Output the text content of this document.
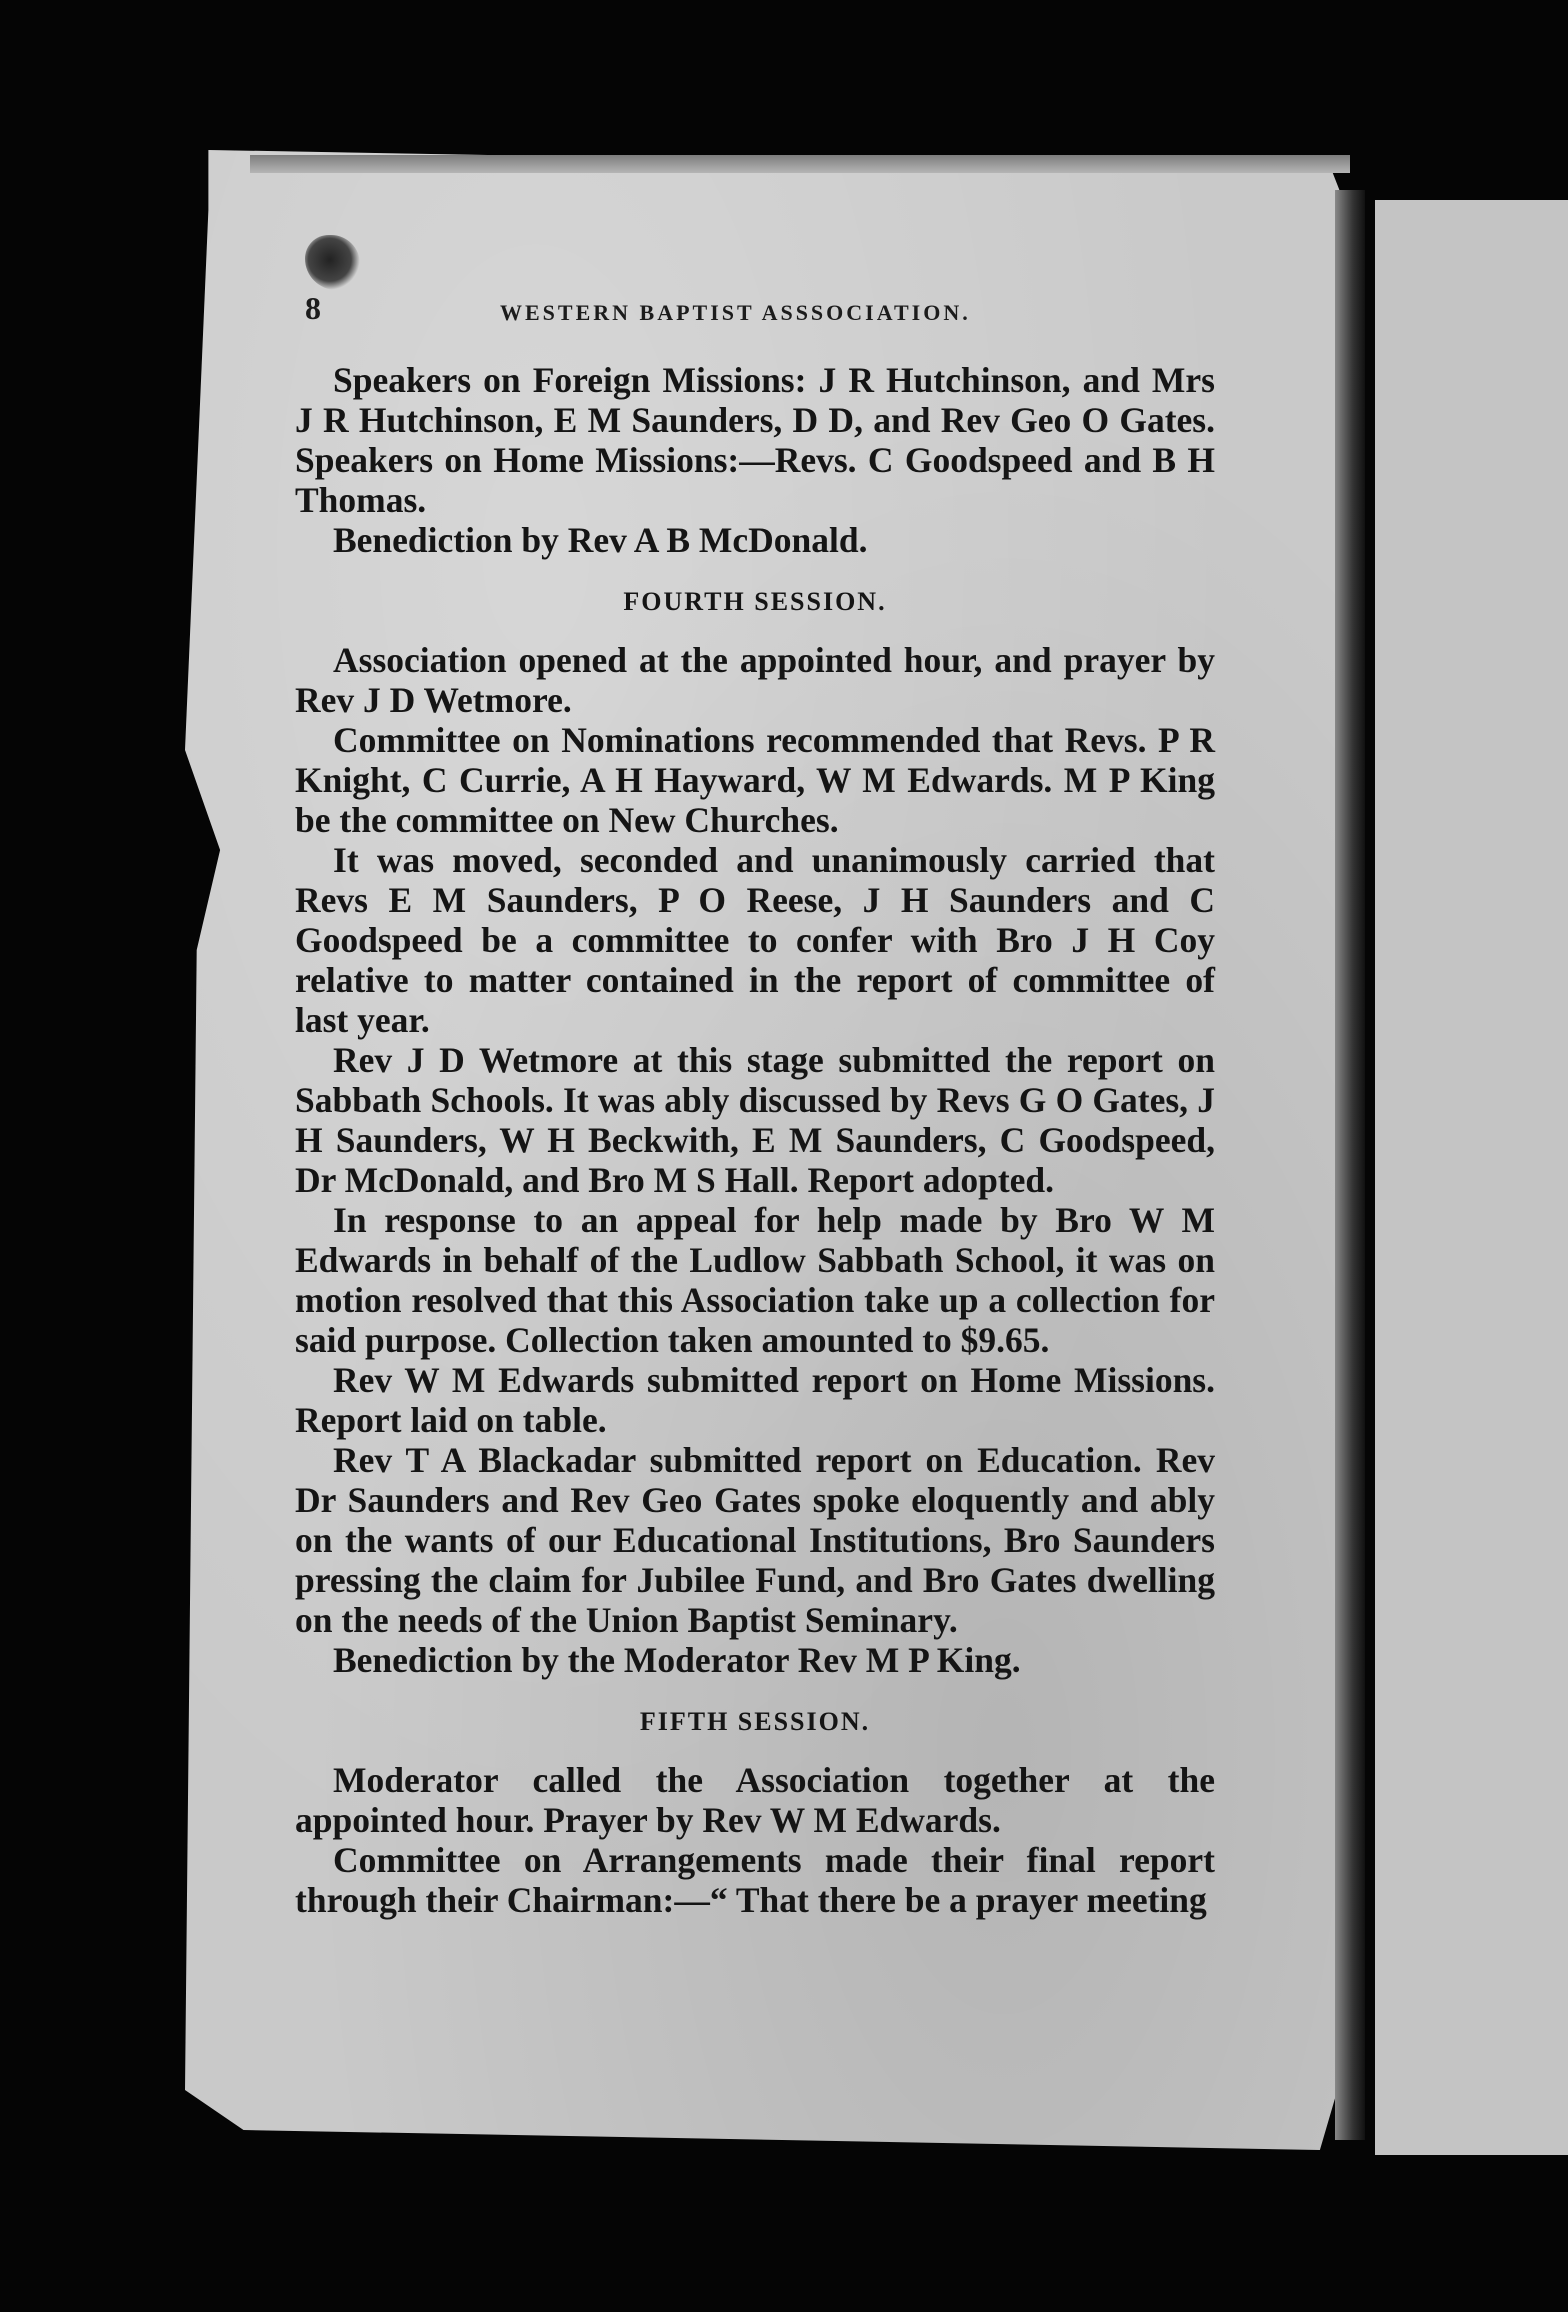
8	WESTERN BAPTIST ASSSOCIATION.

Speakers on Foreign Missions: J R Hutchinson, and Mrs J R Hutchinson, E M Saunders, D D, and Rev Geo O Gates. Speakers on Home Missions:—Revs. C Goodspeed and B H Thomas.

Benediction by Rev A B McDonald.

FOURTH SESSION.

Association opened at the appointed hour, and prayer by Rev J D Wetmore.

Committee on Nominations recommended that Revs. P R Knight, C Currie, A H Hayward, W M Edwards. M P King be the committee on New Churches.

It was moved, seconded and unanimously carried that Revs E M Saunders, P O Reese, J H Saunders and C Goodspeed be a committee to confer with Bro J H Coy relative to matter contained in the report of committee of last year.

Rev J D Wetmore at this stage submitted the report on Sabbath Schools. It was ably discussed by Revs G O Gates, J H Saunders, W H Beckwith, E M Saunders, C Goodspeed, Dr McDonald, and Bro M S Hall. Report adopted.

In response to an appeal for help made by Bro W M Edwards in behalf of the Ludlow Sabbath School, it was on motion resolved that this Association take up a collection for said purpose. Collection taken amounted to $9.65.

Rev W M Edwards submitted report on Home Missions. Report laid on table.

Rev T A Blackadar submitted report on Education. Rev Dr Saunders and Rev Geo Gates spoke eloquently and ably on the wants of our Educational Institutions, Bro Saunders pressing the claim for Jubilee Fund, and Bro Gates dwelling on the needs of the Union Baptist Seminary.

Benediction by the Moderator Rev M P King.

FIFTH SESSION.

Moderator called the Association together at the appointed hour. Prayer by Rev W M Edwards.

Committee on Arrangements made their final report through their Chairman:—“ That there be a prayer meeting
